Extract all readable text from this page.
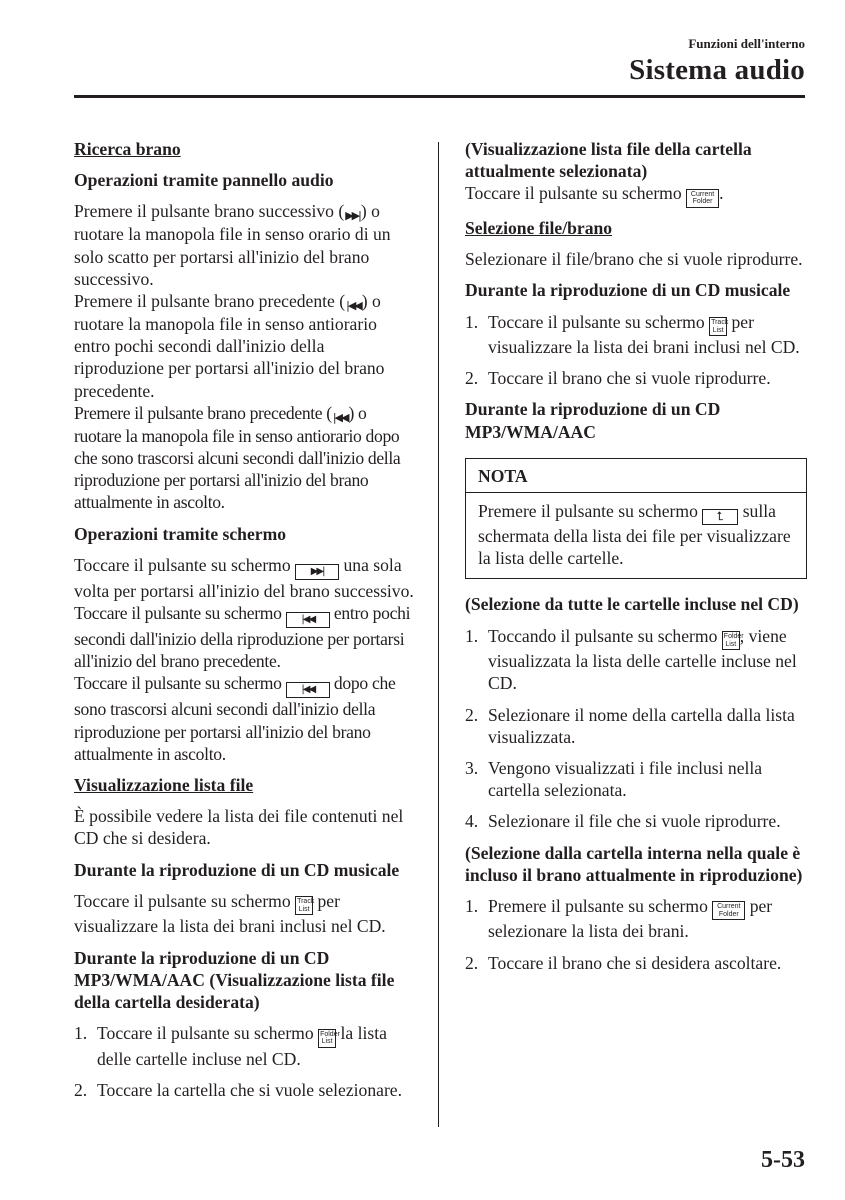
Funzioni dell'interno
Sistema audio
Ricerca brano
Operazioni tramite pannello audio
Premere il pulsante brano successivo (▶▶|) o ruotare la manopola file in senso orario di un solo scatto per portarsi all'inizio del brano successivo.
Premere il pulsante brano precedente (|◀◀) o ruotare la manopola file in senso antiorario entro pochi secondi dall'inizio della riproduzione per portarsi all'inizio del brano precedente.
Premere il pulsante brano precedente (|◀◀) o ruotare la manopola file in senso antiorario dopo che sono trascorsi alcuni secondi dall'inizio della riproduzione per portarsi all'inizio del brano attualmente in ascolto.
Operazioni tramite schermo
Toccare il pulsante su schermo ▶▶| una sola volta per portarsi all'inizio del brano successivo.
Toccare il pulsante su schermo |◀◀ entro pochi secondi dall'inizio della riproduzione per portarsi all'inizio del brano precedente.
Toccare il pulsante su schermo |◀◀ dopo che sono trascorsi alcuni secondi dall'inizio della riproduzione per portarsi all'inizio del brano attualmente in ascolto.
Visualizzazione lista file
È possibile vedere la lista dei file contenuti nel CD che si desidera.
Durante la riproduzione di un CD musicale
Toccare il pulsante su schermo Track
List per visualizzare la lista dei brani inclusi nel CD.
Durante la riproduzione di un CD MP3/WMA/AAC (Visualizzazione lista file della cartella desiderata)
1. Toccare il pulsante su schermo Folder
List la lista delle cartelle incluse nel CD.
2. Toccare la cartella che si vuole selezionare.
(Visualizzazione lista file della cartella attualmente selezionata)
Toccare il pulsante su schermo	Current
Folder .
Selezione file/brano
Selezionare il file/brano che si vuole riprodurre.
Durante la riproduzione di un CD musicale
1. Toccare il pulsante su schermo Track
List per visualizzare la lista dei brani inclusi nel CD.
2. Toccare il brano che si vuole riprodurre.
Durante la riproduzione di un CD MP3/WMA/AAC
NOTA
Premere il pulsante su schermo ⮤ sulla schermata della lista dei file per visualizzare la lista delle cartelle.
(Selezione da tutte le cartelle incluse nel CD)
1. Toccando il pulsante su schermo Folder
List , viene visualizzata la lista delle cartelle incluse nel CD.
2. Selezionare il nome della cartella dalla lista visualizzata.
3. Vengono visualizzati i file inclusi nella cartella selezionata.
4. Selezionare il file che si vuole riprodurre.
(Selezione dalla cartella interna nella quale è incluso il brano attualmente in riproduzione)
1. Premere il pulsante su schermo	Current
Folder per selezionare la lista dei brani.
2. Toccare il brano che si desidera ascoltare.
5-53
